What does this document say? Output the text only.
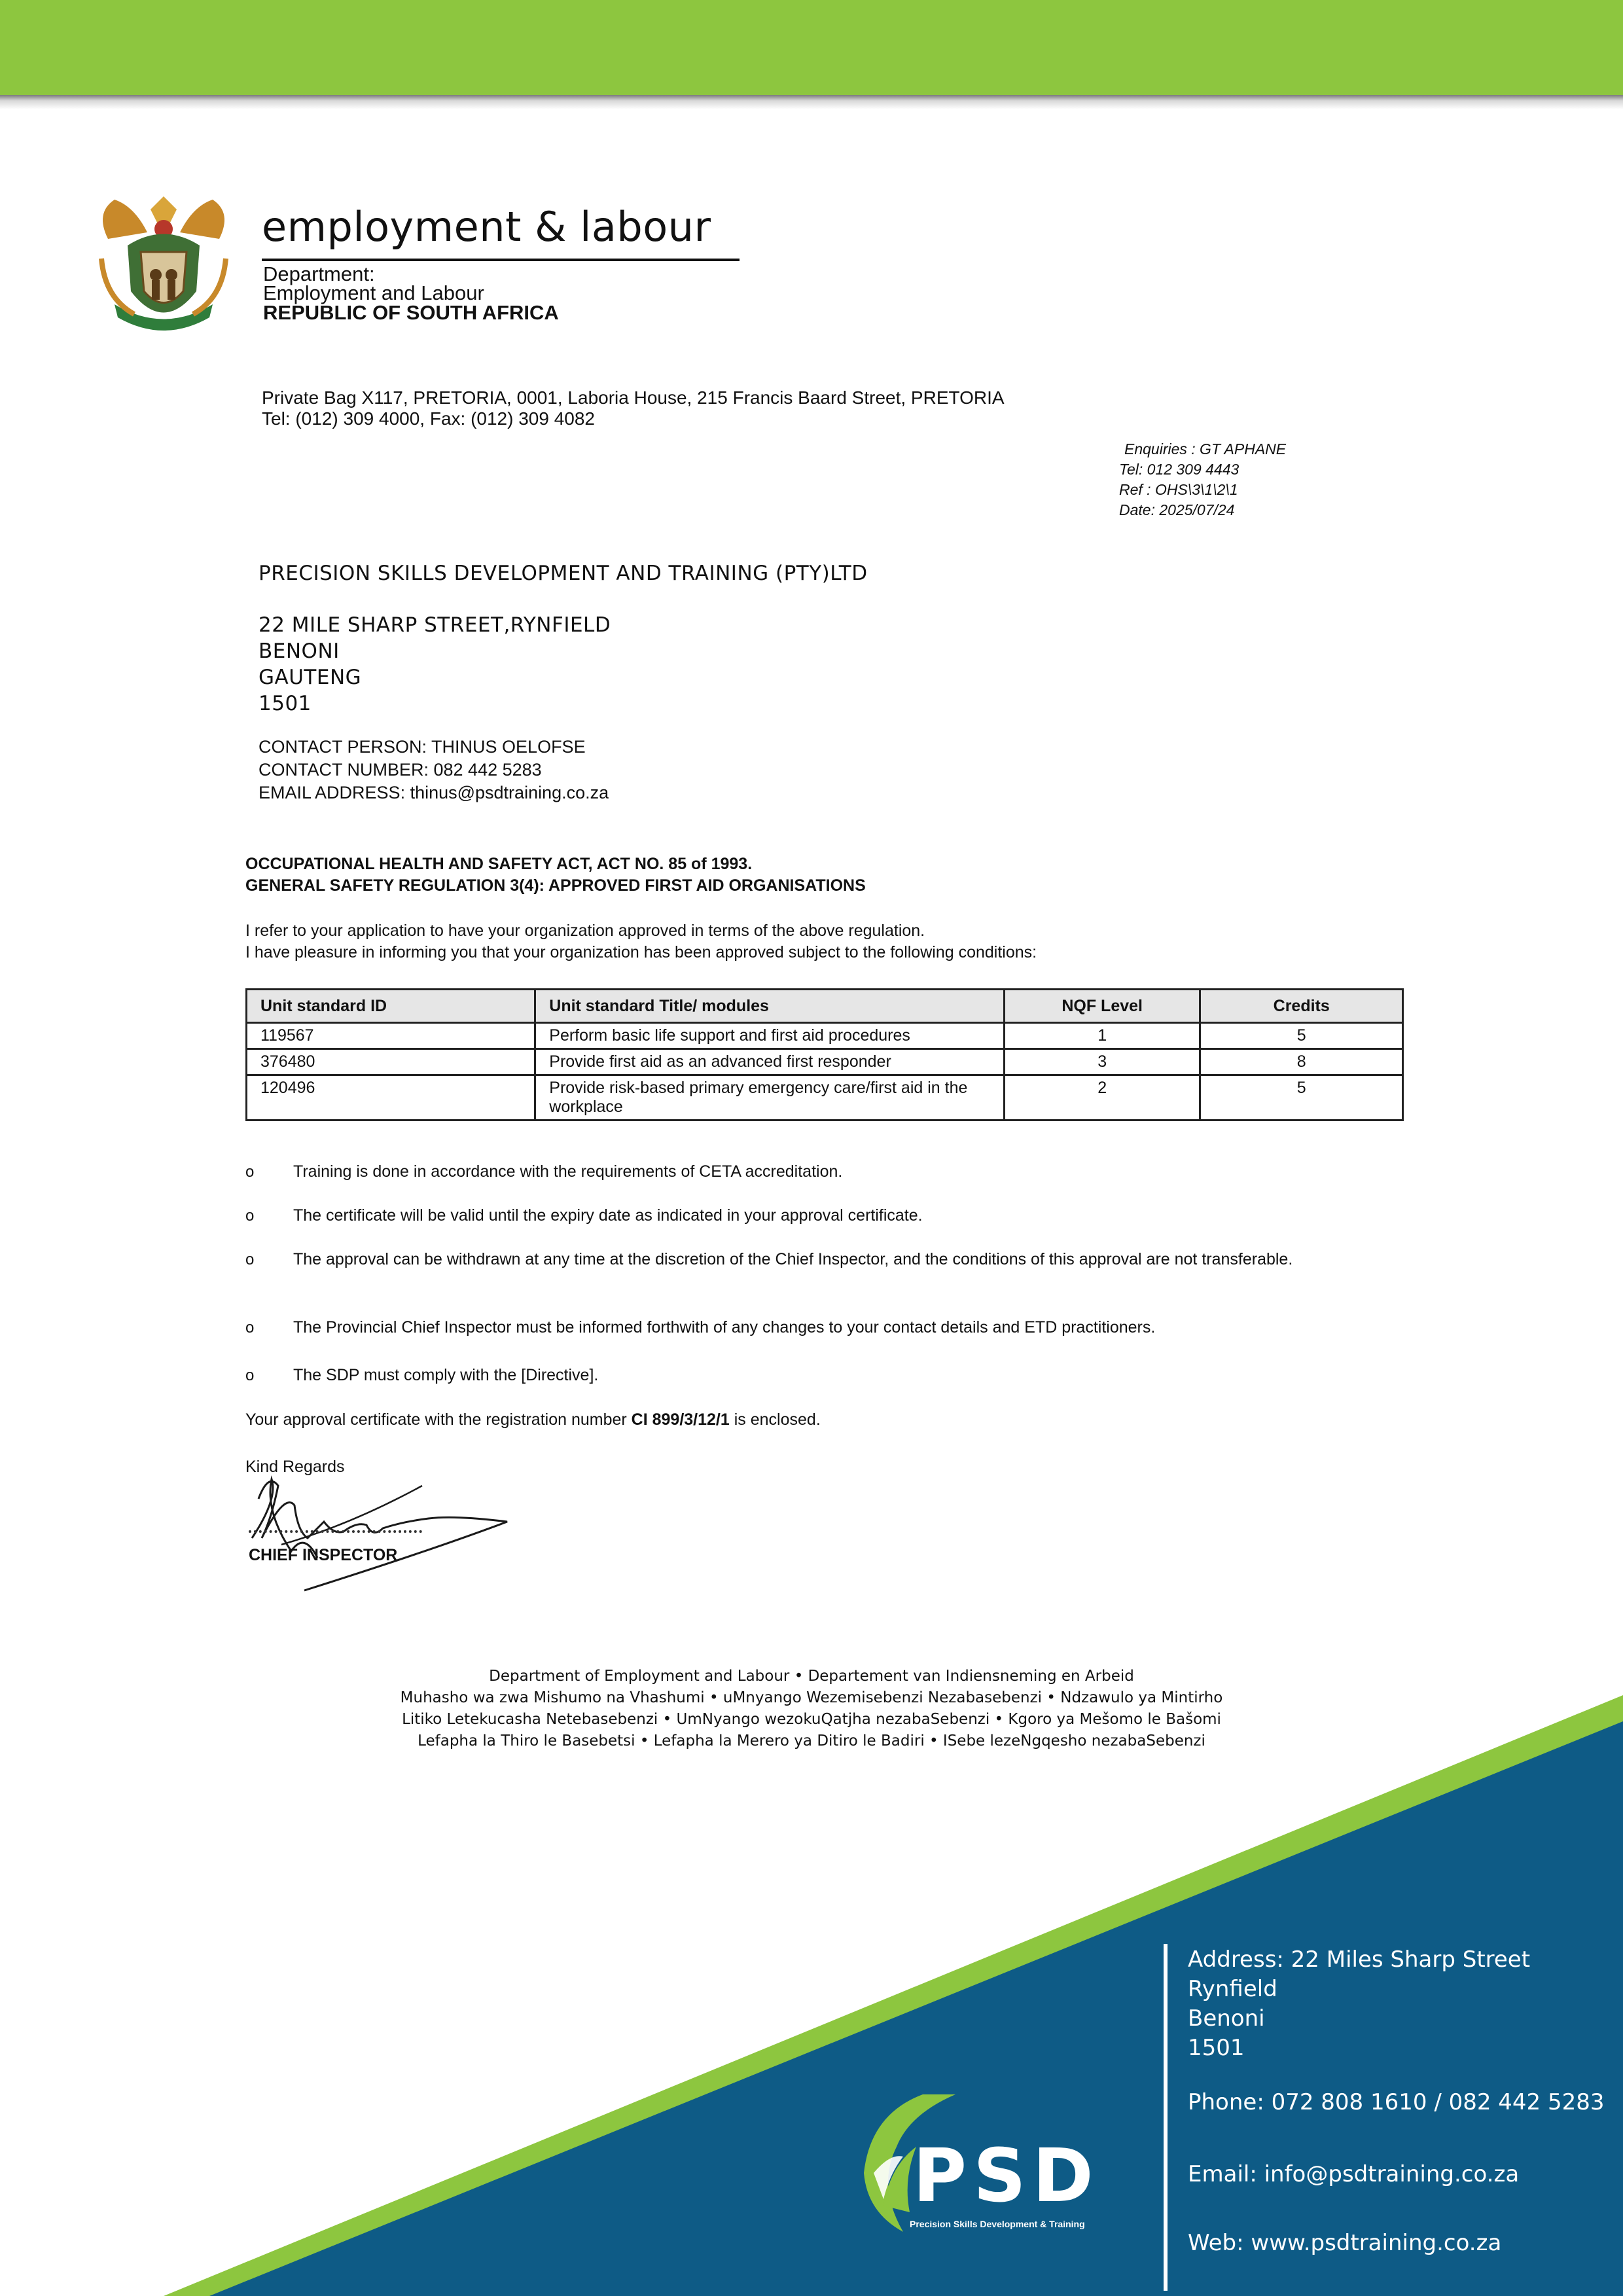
employment & labour
Department:
Employment and Labour
REPUBLIC OF SOUTH AFRICA
Private Bag X117, PRETORIA, 0001, Laboria House, 215 Francis Baard Street, PRETORIA
Tel: (012) 309 4000, Fax: (012) 309 4082
Enquiries : GT APHANE
Tel: 012 309 4443
Ref : OHS\3\1\2\1
Date: 2025/07/24
PRECISION SKILLS DEVELOPMENT AND TRAINING (PTY)LTD
22 MILE SHARP STREET,RYNFIELD
BENONI
GAUTENG
1501
CONTACT PERSON: THINUS OELOFSE
CONTACT NUMBER: 082 442 5283
EMAIL ADDRESS: thinus@psdtraining.co.za
OCCUPATIONAL HEALTH AND SAFETY ACT, ACT NO. 85 of 1993.
GENERAL SAFETY REGULATION 3(4): APPROVED FIRST AID ORGANISATIONS
I refer to your application to have your organization approved in terms of the above regulation.
I have pleasure in informing you that your organization has been approved subject to the following conditions:
Unit standard ID	Unit standard Title/ modules	NQF Level	Credits
119567	Perform basic life support and first aid procedures	1	5
376480	Provide first aid as an advanced first responder	3	8
120496	Provide risk-based primary emergency care/first aid in the workplace	2	5
o Training is done in accordance with the requirements of CETA accreditation.
o The certificate will be valid until the expiry date as indicated in your approval certificate.
o The approval can be withdrawn at any time at the discretion of the Chief Inspector, and the conditions of this approval are not transferable.
o The Provincial Chief Inspector must be informed forthwith of any changes to your contact details and ETD practitioners.
o The SDP must comply with the [Directive].
Your approval certificate with the registration number CI 899/3/12/1 is enclosed.
Kind Regards
CHIEF INSPECTOR
Department of Employment and Labour • Departement van Indiensneming en Arbeid
Muhasho wa zwa Mishumo na Vhashumi • uMnyango Wezemisebenzi Nezabasebenzi • Ndzawulo ya Mintirho
Litiko Letekucasha Netebasebenzi • UmNyango wezokuQatjha nezabaSebenzi • Kgoro ya Mešomo le Bašomi
Lefapha la Thiro le Basebetsi • Lefapha la Merero ya Ditiro le Badiri • ISebe lezeNgqesho nezabaSebenzi
PSD
Precision Skills Development & Training
Address: 22 Miles Sharp Street
Rynfield
Benoni
1501
Phone: 072 808 1610 / 082 442 5283
Email: info@psdtraining.co.za
Web: www.psdtraining.co.za
